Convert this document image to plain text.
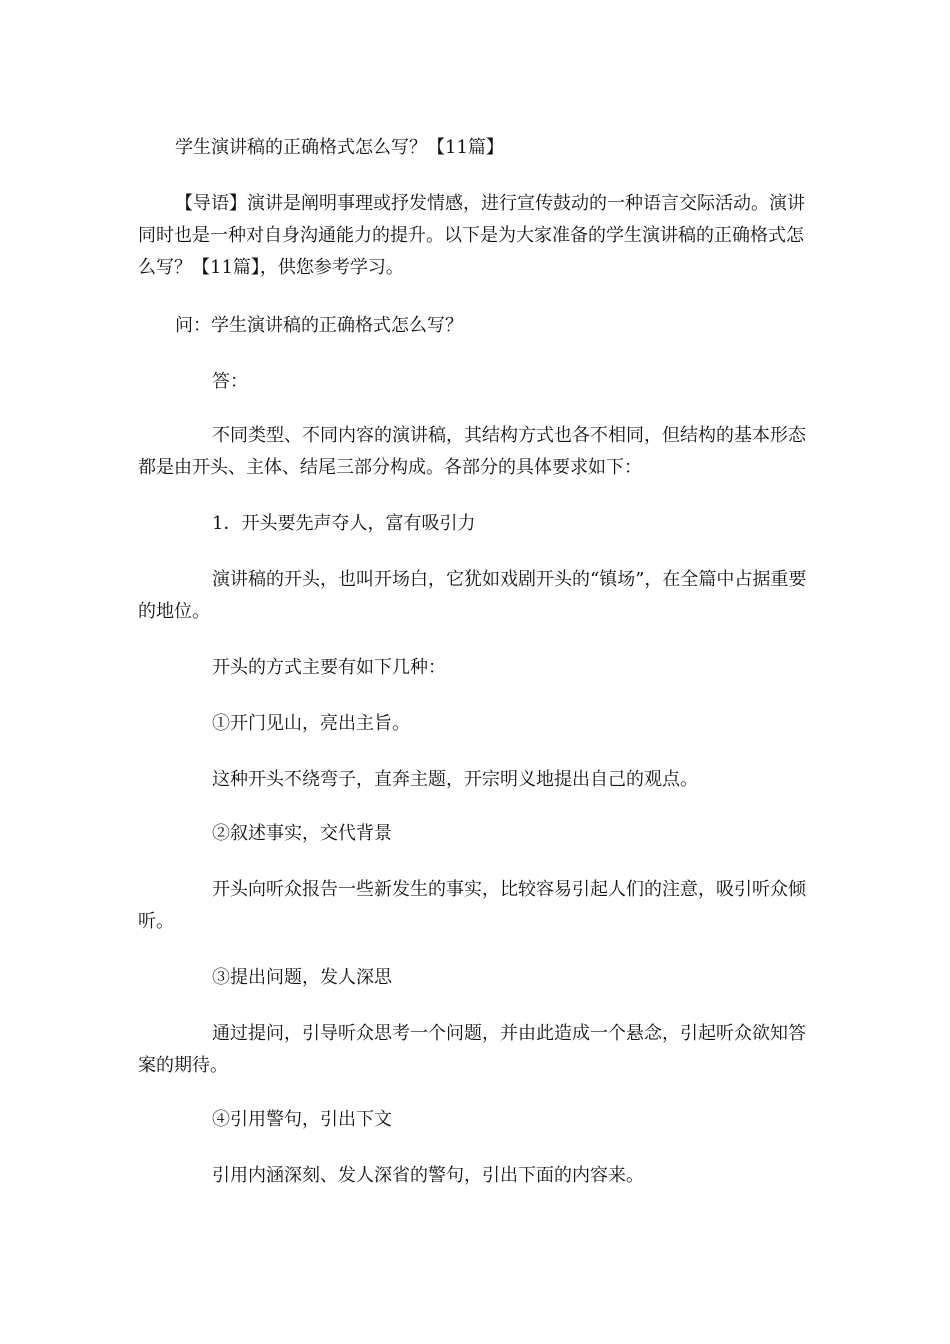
学生演讲稿的正确格式怎么写？【11篇】

【导语】演讲是阐明事理或抒发情感，进行宣传鼓动的一种语言交际活动。演讲同时也是一种对自身沟通能力的提升。以下是为大家准备的学生演讲稿的正确格式怎么写？【11篇】，供您参考学习。

问：学生演讲稿的正确格式怎么写？

答：

不同类型、不同内容的演讲稿，其结构方式也各不相同，但结构的基本形态都是由开头、主体、结尾三部分构成。各部分的具体要求如下：

1．开头要先声夺人，富有吸引力

演讲稿的开头，也叫开场白，它犹如戏剧开头的“镇场”，在全篇中占据重要的地位。

开头的方式主要有如下几种：

①开门见山，亮出主旨。

这种开头不绕弯子，直奔主题，开宗明义地提出自己的观点。

②叙述事实，交代背景

开头向听众报告一些新发生的事实，比较容易引起人们的注意，吸引听众倾听。

③提出问题，发人深思

通过提问，引导听众思考一个问题，并由此造成一个悬念，引起听众欲知答案的期待。

④引用警句，引出下文

引用内涵深刻、发人深省的警句，引出下面的内容来。
